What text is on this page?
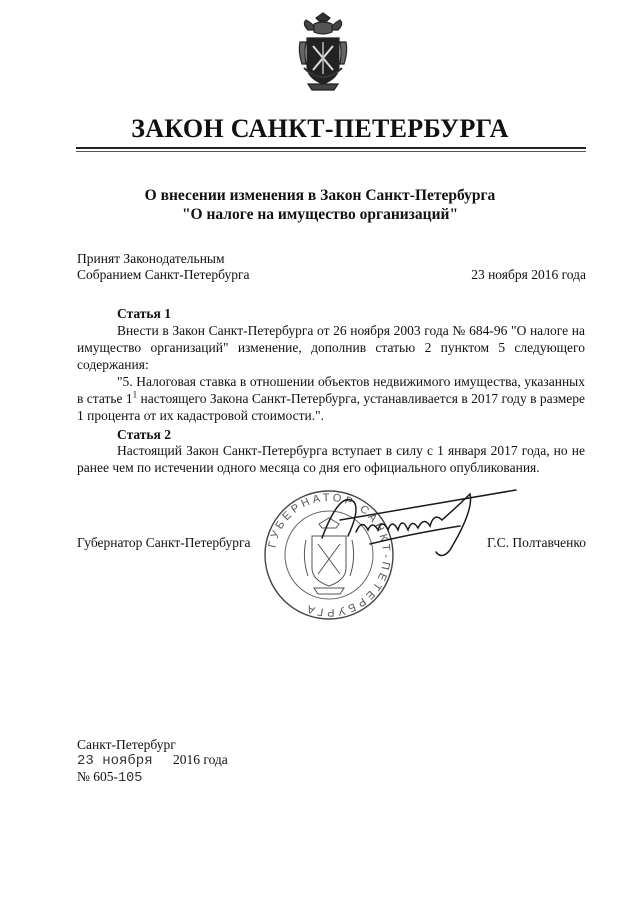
ЗАКОН САНКТ-ПЕТЕРБУРГА
О внесении изменения в Закон Санкт-Петербурга
"О налоге на имущество организаций"
Принят Законодательным
Собранием Санкт-Петербурга	23 ноября 2016 года
Статья 1
Внести в Закон Санкт-Петербурга от 26 ноября 2003 года № 684-96 "О налоге на имущество организаций" изменение, дополнив статью 2 пунктом 5 следующего содержания:
"5. Налоговая ставка в отношении объектов недвижимого имущества, указанных в статье $1^1$ настоящего Закона Санкт-Петербурга, устанавливается в 2017 году в размере 1 процента от их кадастровой стоимости.".
Статья 2
Настоящий Закон Санкт-Петербурга вступает в силу с 1 января 2017 года, но не ранее чем по истечении одного месяца со дня его официального опубликования.
ГУБЕРНАТОР САНКТ-ПЕТЕРБУРГА
Губернатор Санкт-Петербурга	Г.С. Полтавченко
Санкт-Петербург
23 ноября 2016 года
№ 605-105
